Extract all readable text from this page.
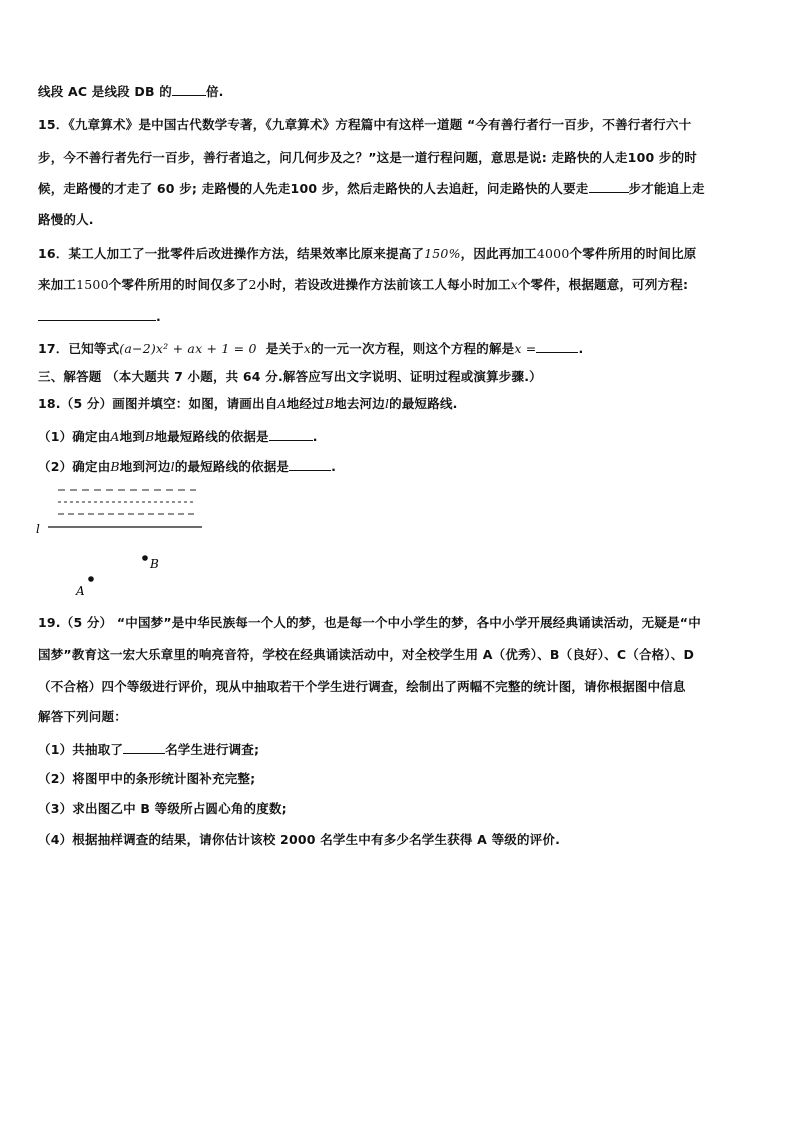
线段 AC 是线段 DB 的	倍.
15．《九章算术》是中国古代数学专著，《九章算术》方程篇中有这样一道题 “今有善行者行一百步，不善行者行六十
步，今不善行者先行一百步，善行者追之，问几何步及之？”这是一道行程问题，意思是说: 走路快的人走100 步的时
候，走路慢的才走了 60 步; 走路慢的人先走100 步，然后走路快的人去追赶，问走路快的人要走	步才能追上走
路慢的人.
16．某工人加工了一批零件后改进操作方法，结果效率比原来提高了150%，因此再加工4000个零件所用的时间比原
来加工1500个零件所用的时间仅多了2小时，若设改进操作方法前该工人每小时加工x个零件，根据题意，可列方程:
.
17．已知等式(a−2)x² + ax + 1 = 0 是关于x的一元一次方程，则这个方程的解是x =	.
三、解答题 （本大题共 7 小题，共 64 分.解答应写出文字说明、证明过程或演算步骤.）
18.（5 分）画图并填空：如图，请画出自A地经过B地去河边l的最短路线.
（1）确定由A地到B地最短路线的依据是	.
（2）确定由B地到河边l的最短路线的依据是	.
l
B
A
19.（5 分） “中国梦”是中华民族每一个人的梦，也是每一个中小学生的梦，各中小学开展经典诵读活动，无疑是“中
国梦”教育这一宏大乐章里的响亮音符，学校在经典诵读活动中，对全校学生用 A（优秀）、B（良好）、C（合格）、D
（不合格）四个等级进行评价，现从中抽取若干个学生进行调查，绘制出了两幅不完整的统计图，请你根据图中信息
解答下列问题：
（1）共抽取了	名学生进行调查;
（2）将图甲中的条形统计图补充完整;
（3）求出图乙中 B 等级所占圆心角的度数;
（4）根据抽样调查的结果，请你估计该校 2000 名学生中有多少名学生获得 A 等级的评价.
